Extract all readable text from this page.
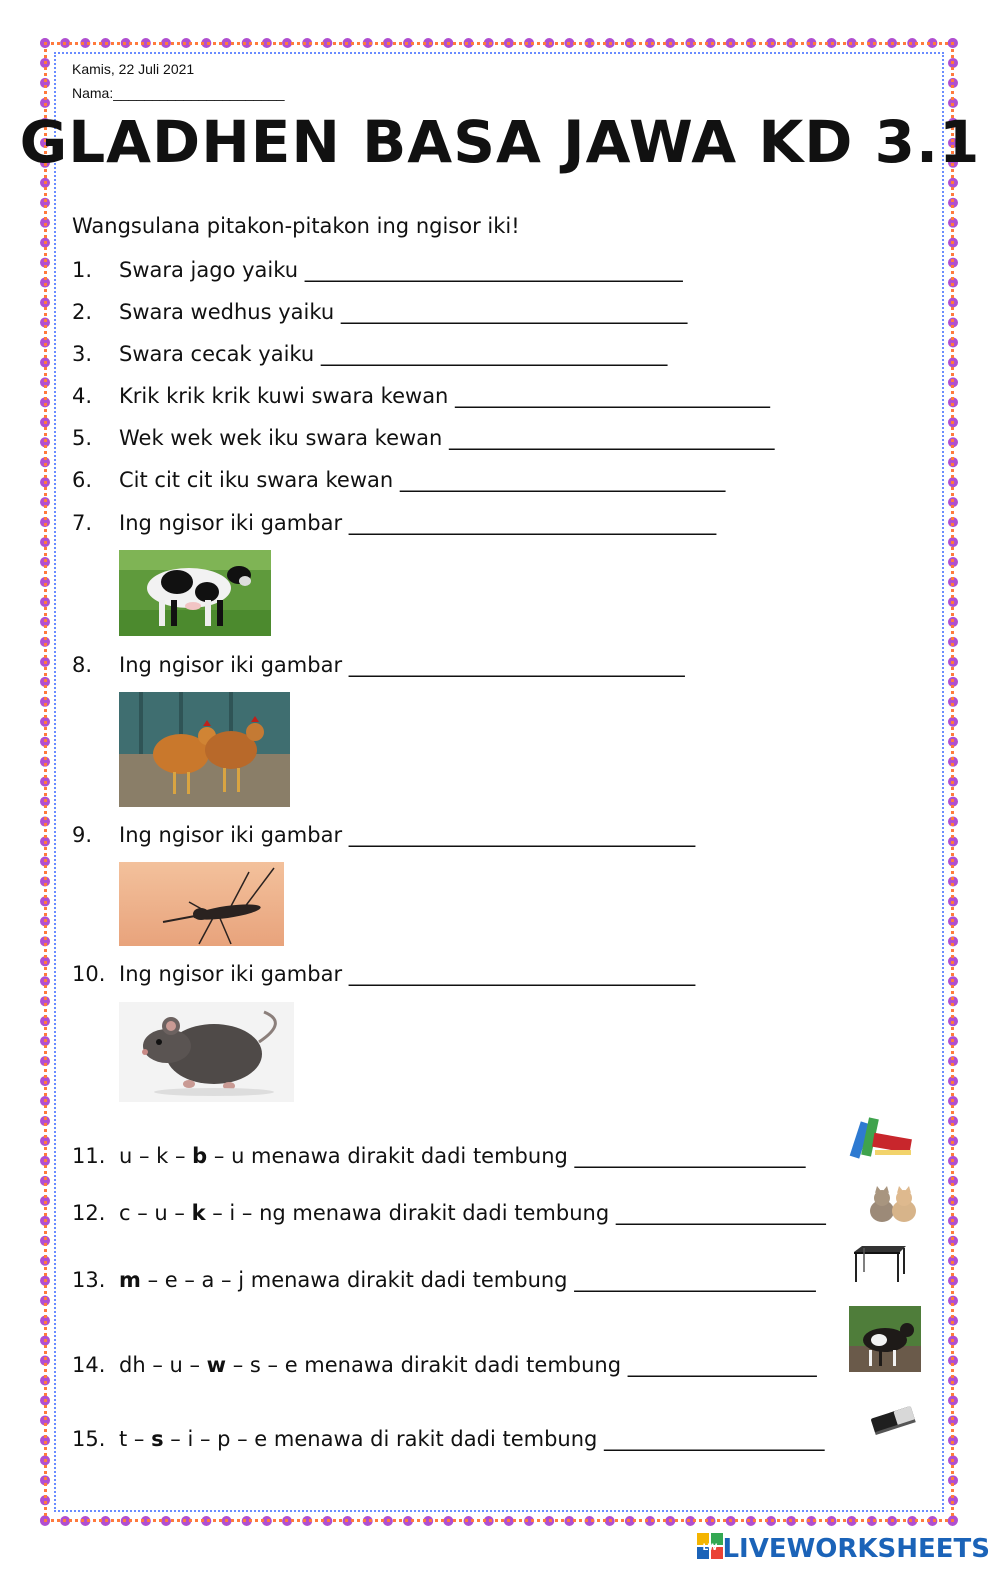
Kamis, 22 Juli 2021
Nama:______________________
GLADHEN BASA JAWA KD 3.1
Wangsulana pitakon-pitakon ing ngisor iki!
1. Swara jago yaiku ____________________________________
2. Swara wedhus yaiku _________________________________
3. Swara cecak yaiku _________________________________
4. Krik krik krik kuwi swara kewan ______________________________
5. Wek wek wek iku swara kewan _______________________________
6. Cit cit cit iku swara kewan _______________________________
7. Ing ngisor iki gambar ___________________________________
8. Ing ngisor iki gambar ________________________________
9. Ing ngisor iki gambar _________________________________
10. Ing ngisor iki gambar _________________________________
11. u – k – b – u menawa dirakit dadi tembung ______________________
12. c – u – k – i – ng menawa dirakit dadi tembung ____________________
13. m – e – a – j menawa dirakit dadi tembung _______________________
14. dh – u – w – s – e menawa dirakit dadi tembung __________________
15. t – s – i – p – e menawa di rakit dadi tembung _____________________
LW LIVEWORKSHEETS
